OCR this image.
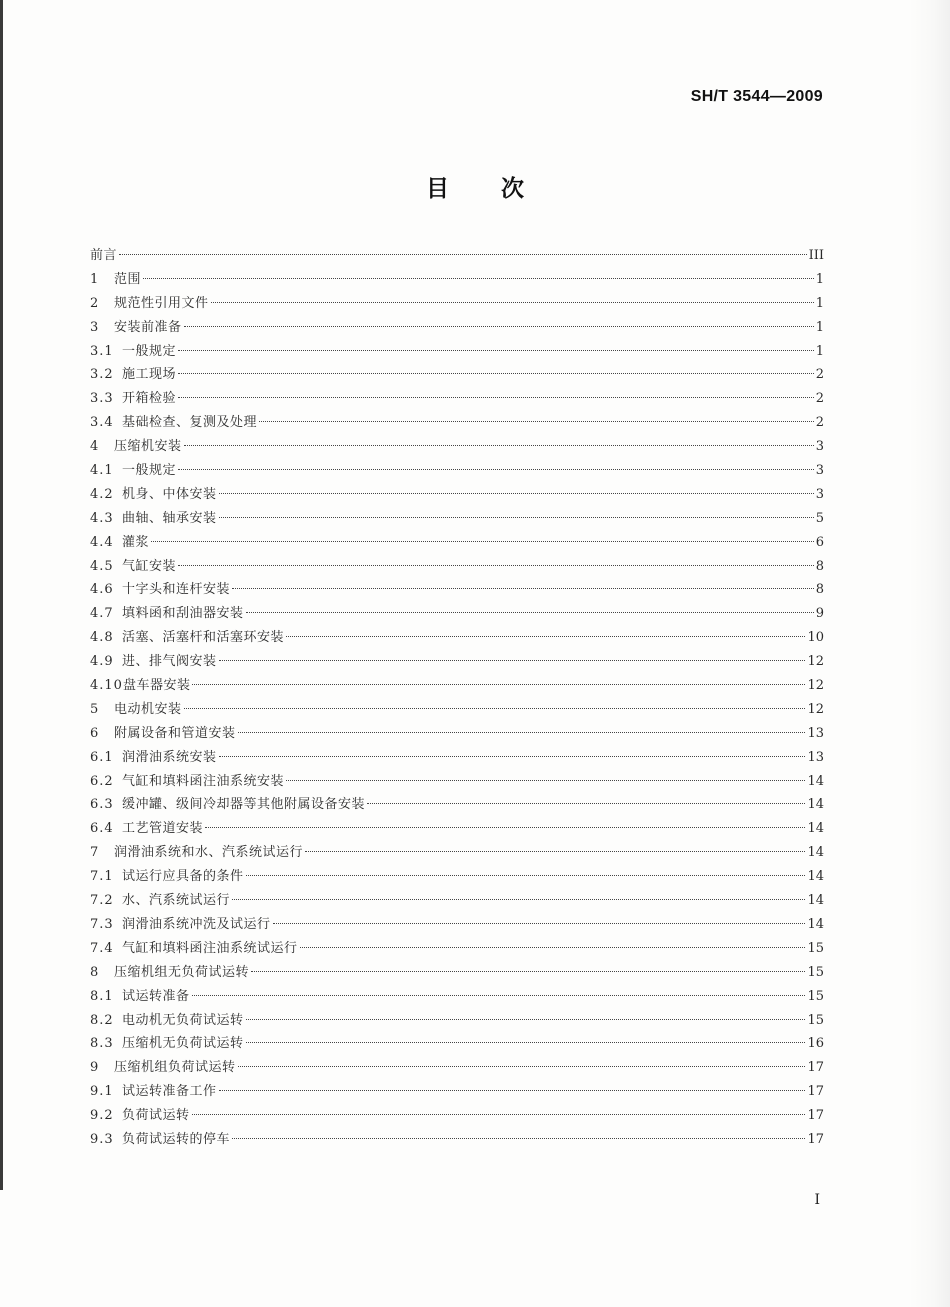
SH/T 3544—2009
目 次
前言	III
1	范围	1
2	规范性引用文件	1
3	安装前准备	1
3.1 一般规定	1
3.2 施工现场	2
3.3 开箱检验	2
3.4 基础检查、复测及处理	2
4	压缩机安装	3
4.1 一般规定	3
4.2 机身、中体安装	3
4.3 曲轴、轴承安装	5
4.4 灌浆	6
4.5 气缸安装	8
4.6 十字头和连杆安装	8
4.7 填料函和刮油器安装	9
4.8 活塞、活塞杆和活塞环安装	10
4.9 进、排气阀安装	12
4.10 盘车器安装	12
5	电动机安装	12
6	附属设备和管道安装	13
6.1 润滑油系统安装	13
6.2 气缸和填料函注油系统安装	14
6.3 缓冲罐、级间冷却器等其他附属设备安装	14
6.4 工艺管道安装	14
7	润滑油系统和水、汽系统试运行	14
7.1 试运行应具备的条件	14
7.2 水、汽系统试运行	14
7.3 润滑油系统冲洗及试运行	14
7.4 气缸和填料函注油系统试运行	15
8	压缩机组无负荷试运转	15
8.1 试运转准备	15
8.2 电动机无负荷试运转	15
8.3 压缩机无负荷试运转	16
9	压缩机组负荷试运转	17
9.1 试运转准备工作	17
9.2 负荷试运转	17
9.3 负荷试运转的停车	17
I
